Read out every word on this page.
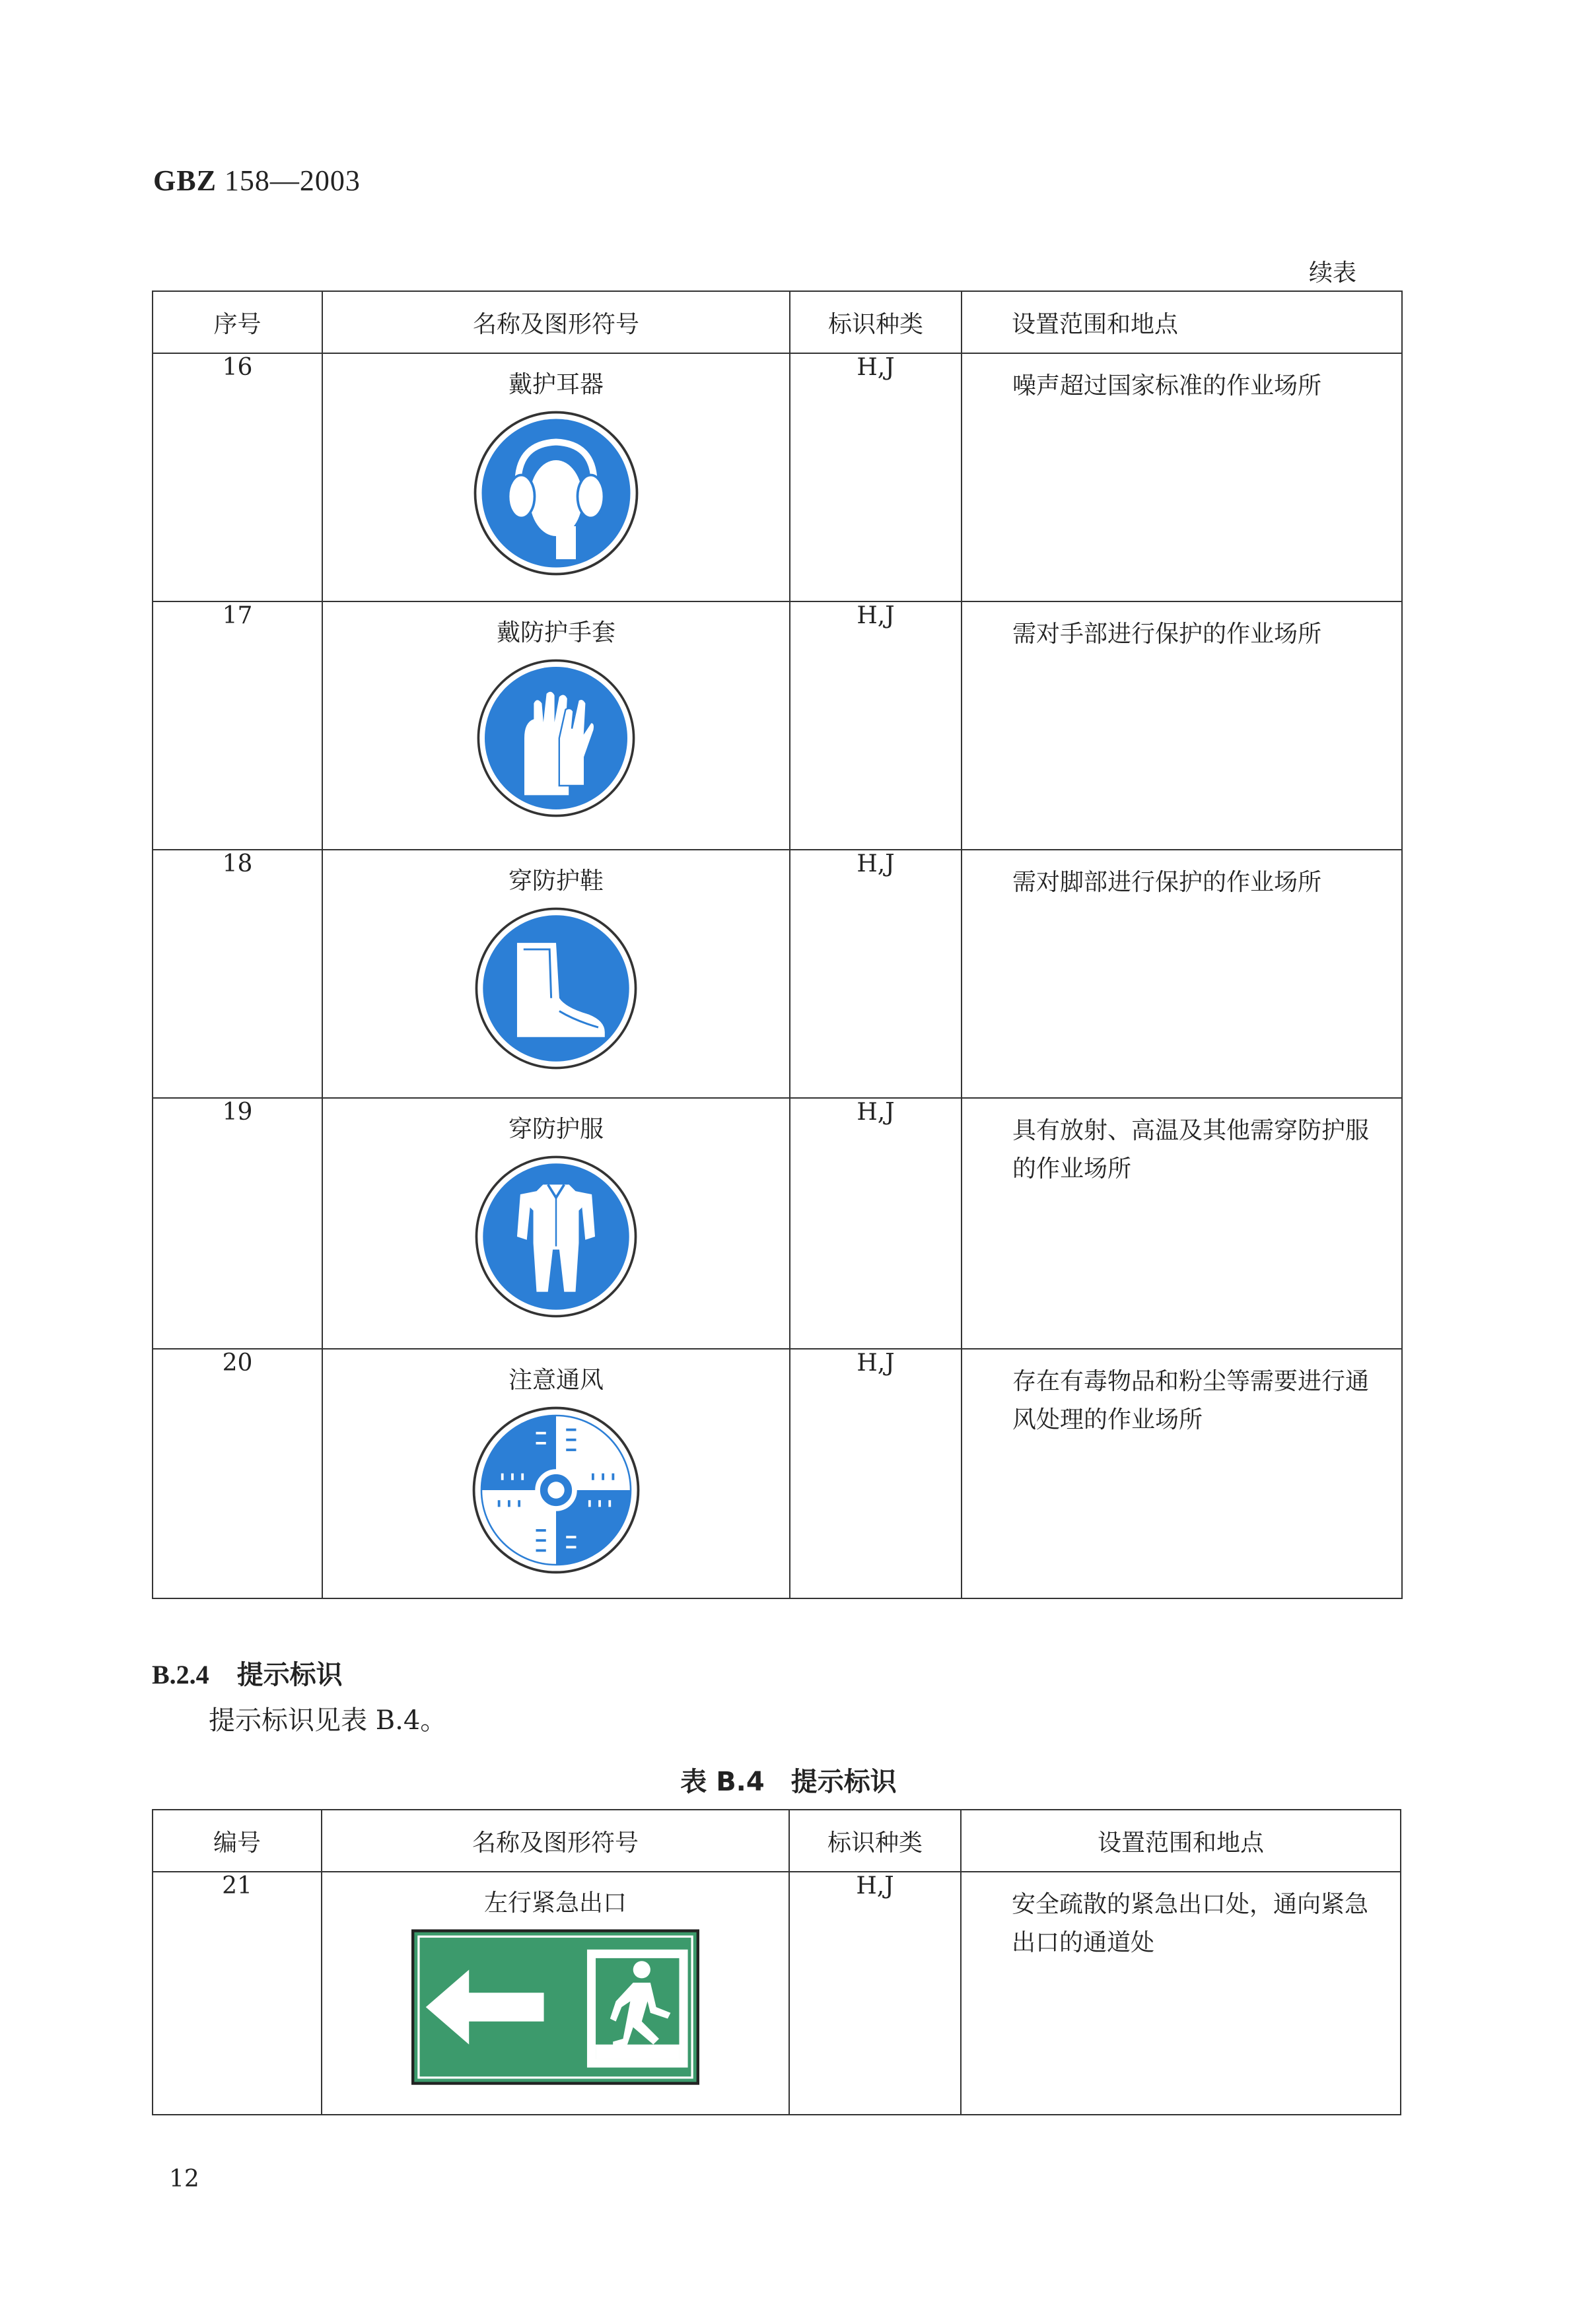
GBZ 158—2003
续表
序号	名称及图形符号	标识种类	设置范围和地点
16	戴护耳器	H,J	噪声超过国家标准的作业场所
17	戴防护手套	H,J	需对手部进行保护的作业场所
18	穿防护鞋	H,J	需对脚部进行保护的作业场所
19	穿防护服	H,J	具有放射、高温及其他需穿防护服的作业场所
20	注意通风	H,J	存在有毒物品和粉尘等需要进行通风处理的作业场所
B.2.4 提示标识
提示标识见表 B.4。
表 B.4　提示标识
编号	名称及图形符号	标识种类	设置范围和地点
21	左行紧急出口	H,J	安全疏散的紧急出口处，通向紧急出口的通道处
12
